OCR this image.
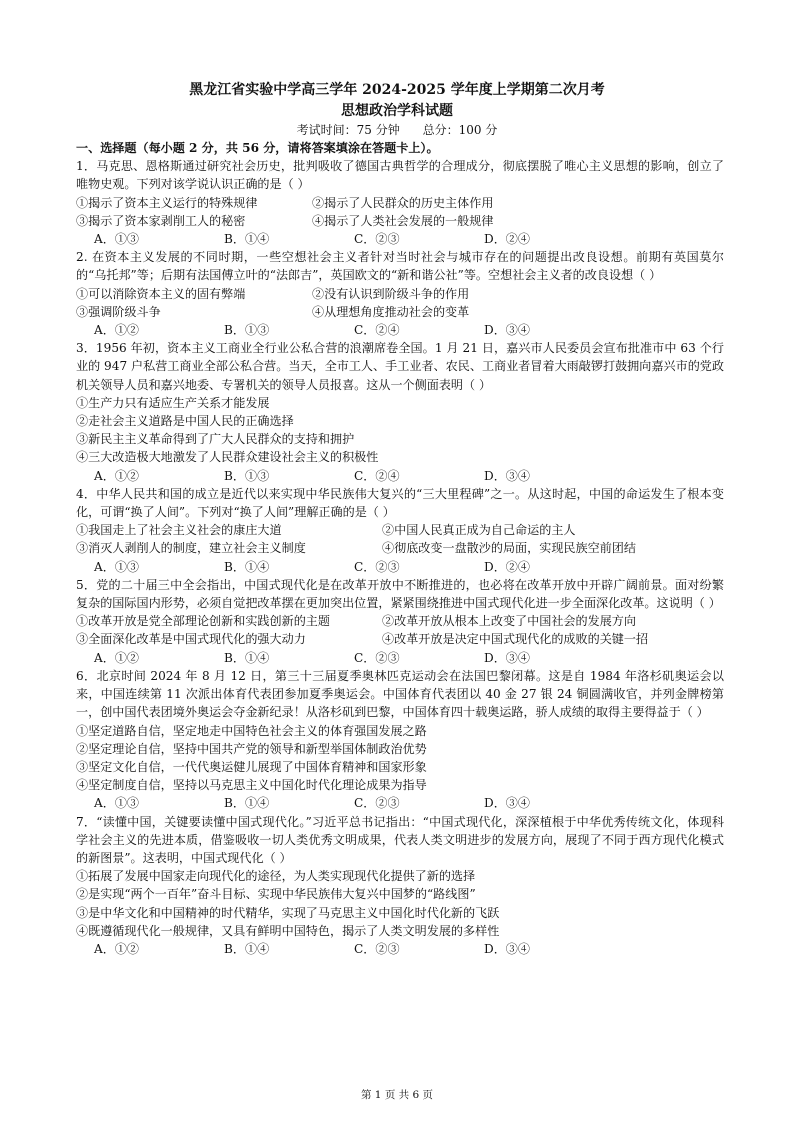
黑龙江省实验中学高三学年 2024-2025 学年度上学期第二次月考
思想政治学科试题
考试时间：75 分钟      总分：100 分
一、选择题（每小题 2 分，共 56 分，请将答案填涂在答题卡上）。
1．马克思、恩格斯通过研究社会历史，批判吸收了德国古典哲学的合理成分，彻底摆脱了唯心主义思想的影响，创立了唯物史观。下列对该学说认识正确的是（ ）
①揭示了资本主义运行的特殊规律	②揭示了人民群众的历史主体作用
③揭示了资本家剥削工人的秘密	④揭示了人类社会发展的一般规律
A．①③	B．①④	C．②③	D．②④
2. 在资本主义发展的不同时期，一些空想社会主义者针对当时社会与城市存在的问题提出改良设想。前期有英国莫尔的“乌托邦”等；后期有法国傅立叶的“法郎吉”，英国欧文的“新和谐公社”等。空想社会主义者的改良设想（ ）
①可以消除资本主义的固有弊端	②没有认识到阶级斗争的作用
③强调阶级斗争	④从理想角度推动社会的变革
A．①②	B．①③	C．②④	D．③④
3．1956 年初，资本主义工商业全行业公私合营的浪潮席卷全国。1 月 21 日，嘉兴市人民委员会宣布批准市中 63 个行业的 947 户私营工商业全部公私合营。当天，全市工人、手工业者、农民、工商业者冒着大雨敲锣打鼓拥向嘉兴市的党政机关领导人员和嘉兴地委、专署机关的领导人员报喜。这从一个侧面表明（ ）
①生产力只有适应生产关系才能发展
②走社会主义道路是中国人民的正确选择
③新民主主义革命得到了广大人民群众的支持和拥护
④三大改造极大地激发了人民群众建设社会主义的积极性
A．①②	B．①③	C．②④	D．③④
4．中华人民共和国的成立是近代以来实现中华民族伟大复兴的“三大里程碑”之一。从这时起，中国的命运发生了根本变化，可谓“换了人间”。下列对“换了人间”理解正确的是（ ）
①我国走上了社会主义社会的康庄大道	②中国人民真正成为自己命运的主人
③消灭人剥削人的制度，建立社会主义制度	④彻底改变一盘散沙的局面，实现民族空前团结
A．①③	B．①④	C．②③	D．②④
5．党的二十届三中全会指出，中国式现代化是在改革开放中不断推进的，也必将在改革开放中开辟广阔前景。面对纷繁复杂的国际国内形势，必须自觉把改革摆在更加突出位置，紧紧围绕推进中国式现代化进一步全面深化改革。这说明（ ）
①改革开放是党全部理论创新和实践创新的主题	②改革开放从根本上改变了中国社会的发展方向
③全面深化改革是中国式现代化的强大动力	④改革开放是决定中国式现代化的成败的关键一招
A．①②	B．①④	C．②③	D．③④
6．北京时间 2024 年 8 月 12 日，第三十三届夏季奥林匹克运动会在法国巴黎闭幕。这是自 1984 年洛杉矶奥运会以来，中国连续第 11 次派出体育代表团参加夏季奥运会。中国体育代表团以 40 金 27 银 24 铜圆满收官，并列金牌榜第一，创中国代表团境外奥运会夺金新纪录！从洛杉矶到巴黎，中国体育四十载奥运路，骄人成绩的取得主要得益于（ ）
①坚定道路自信，坚定地走中国特色社会主义的体育强国发展之路
②坚定理论自信，坚持中国共产党的领导和新型举国体制政治优势
③坚定文化自信，一代代奥运健儿展现了中国体育精神和国家形象
④坚定制度自信，坚持以马克思主义中国化时代化理论成果为指导
A．①③	B．①④	C．②③	D．③④
7．“读懂中国，关键要读懂中国式现代化。”习近平总书记指出：“中国式现代化，深深植根于中华优秀传统文化，体现科学社会主义的先进本质，借鉴吸收一切人类优秀文明成果，代表人类文明进步的发展方向，展现了不同于西方现代化模式的新图景”。这表明，中国式现代化（ ）
①拓展了发展中国家走向现代化的途径，为人类实现现代化提供了新的选择
②是实现“两个一百年”奋斗目标、实现中华民族伟大复兴中国梦的“路线图”
③是中华文化和中国精神的时代精华，实现了马克思主义中国化时代化新的飞跃
④既遵循现代化一般规律，又具有鲜明中国特色，揭示了人类文明发展的多样性
A．①②	B．①④	C．②③	D．③④
第 1 页 共 6 页
